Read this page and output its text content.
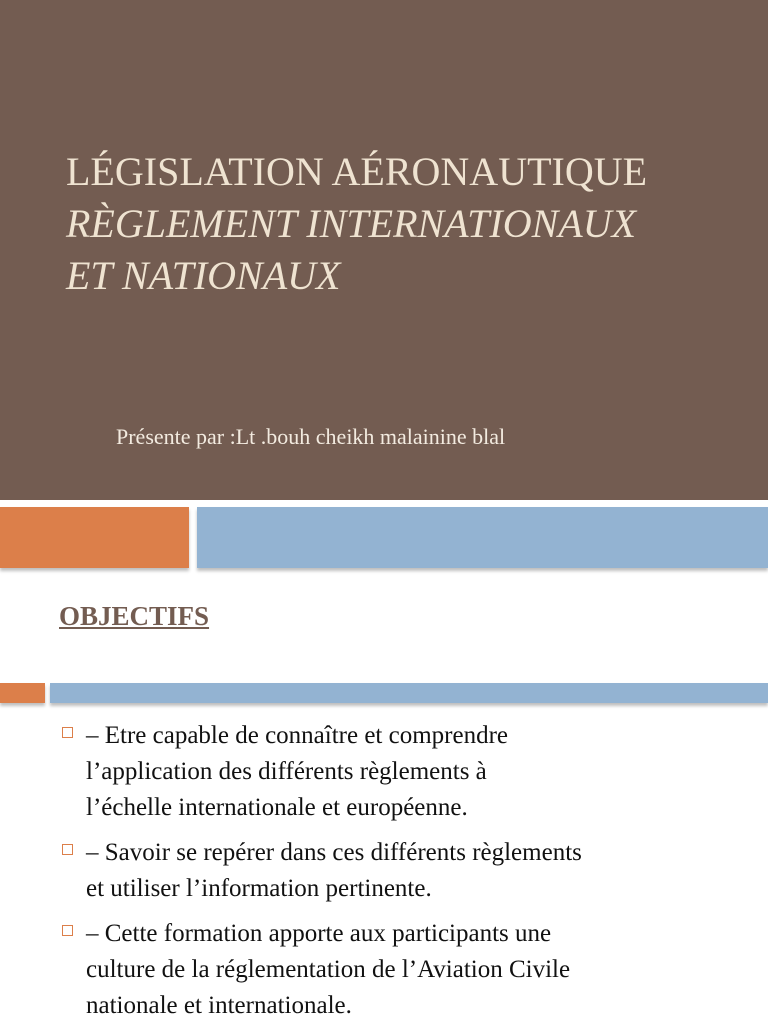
LÉGISLATION AÉRONAUTIQUE
RÈGLEMENT INTERNATIONAUX
ET NATIONAUX
Présente par :Lt .bouh cheikh malainine blal
OBJECTIFS
– Etre capable de connaître et comprendre
l’application des différents règlements à
l’échelle internationale et européenne.
– Savoir se repérer dans ces différents règlements
et utiliser l’information pertinente.
– Cette formation apporte aux participants une
culture de la réglementation de l’Aviation Civile
nationale et internationale.
